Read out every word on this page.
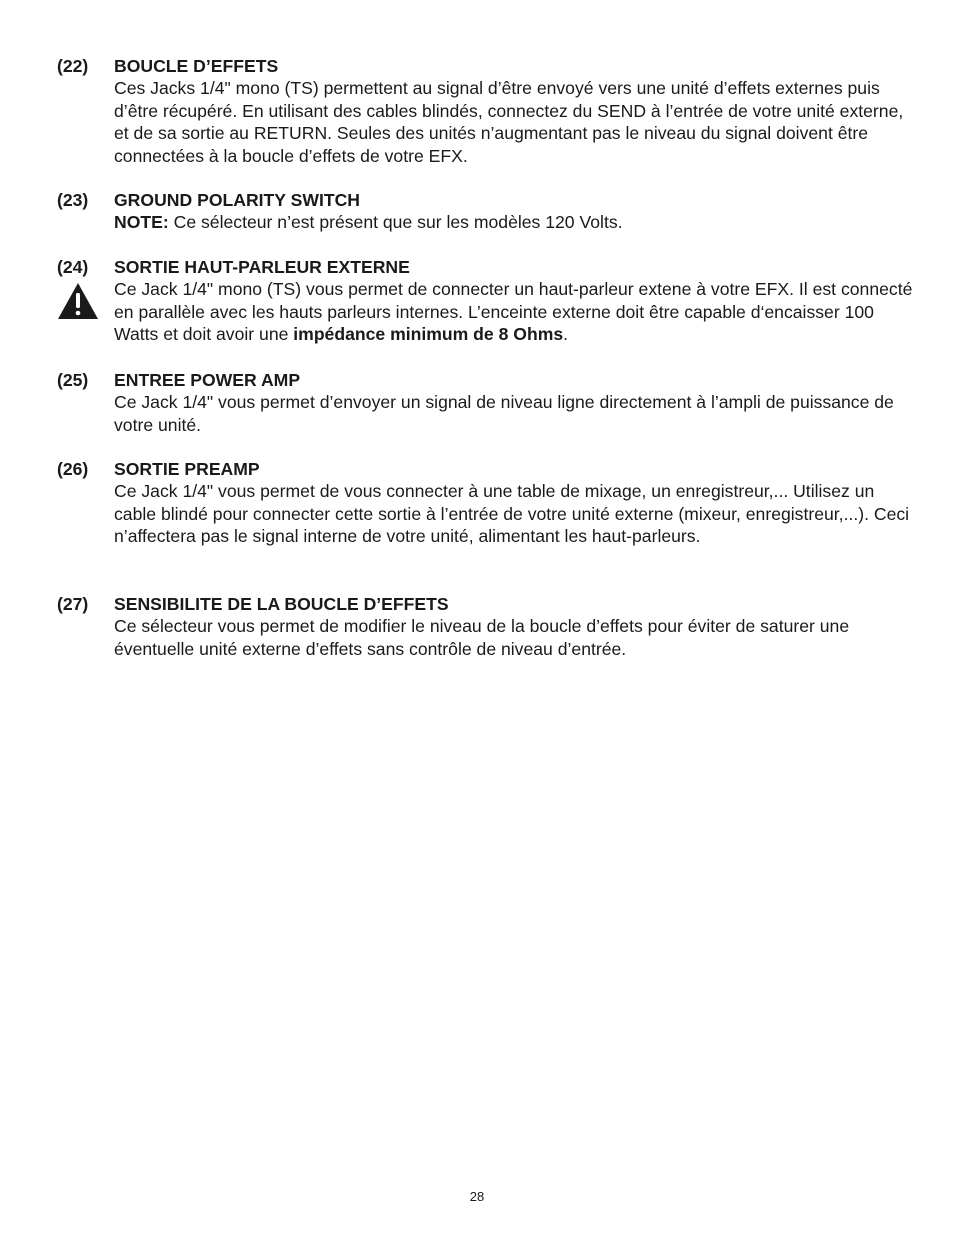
(22)	BOUCLE D’EFFETS
Ces Jacks 1/4" mono (TS) permettent au signal d’être envoyé vers une unité d’effets externes puis d’être récupéré. En utilisant des cables blindés, connectez du SEND à l’entrée de votre unité externe, et de sa sortie au RETURN. Seules des unités n’augmentant pas le niveau du signal doivent être connectées à la boucle d’effets de votre EFX.
(23)	GROUND POLARITY SWITCH
NOTE: Ce sélecteur n’est présent que sur les modèles 120 Volts.
(24)	SORTIE HAUT-PARLEUR EXTERNE
Ce Jack 1/4" mono (TS) vous permet de connecter un haut-parleur extene à votre EFX. Il est connecté en parallèle avec les hauts parleurs internes. L’enceinte externe doit être capable d‘encaisser 100 Watts et doit avoir une impédance minimum de 8 Ohms.
(25)	ENTREE POWER AMP
Ce Jack 1/4" vous permet d’envoyer un signal de niveau ligne directement à l’ampli de puissance de votre unité.
(26)	SORTIE PREAMP
Ce Jack 1/4" vous permet de vous connecter à une table de mixage, un enregistreur,... Utilisez un cable blindé pour connecter cette sortie à l’entrée de votre unité externe (mixeur, enregistreur,...). Ceci n’affectera pas le signal interne de votre unité, alimentant les haut-parleurs.
(27)	SENSIBILITE DE LA BOUCLE D’EFFETS
Ce sélecteur vous permet de modifier le niveau de la boucle d’effets pour éviter de saturer une éventuelle unité externe d’effets sans contrôle de niveau d’entrée.
28
